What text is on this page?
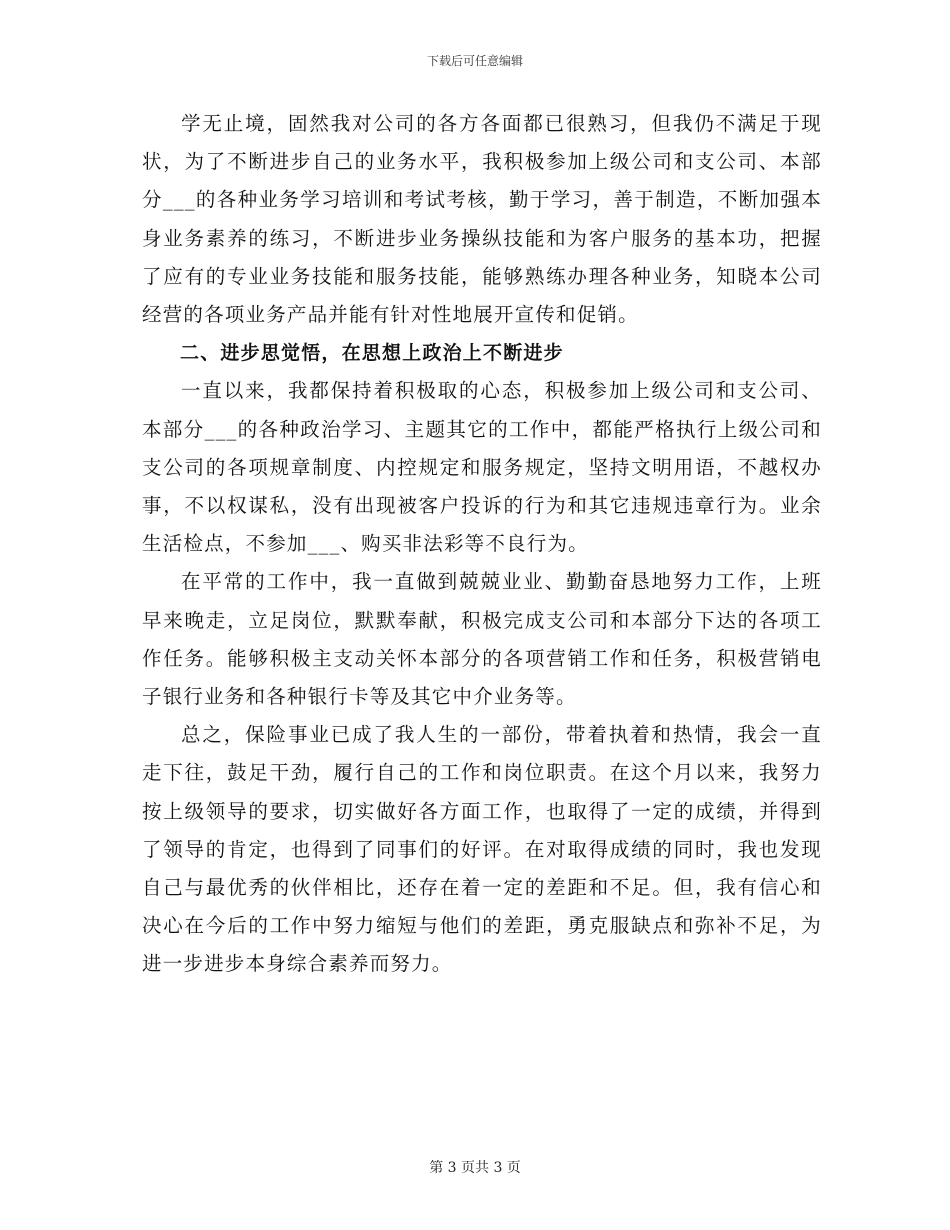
下载后可任意编辑

学无止境，固然我对公司的各方各面都已很熟习，但我仍不满足于现状，为了不断进步自己的业务水平，我积极参加上级公司和支公司、本部分___的各种业务学习培训和考试考核，勤于学习，善于制造，不断加强本身业务素养的练习，不断进步业务操纵技能和为客户服务的基本功，把握了应有的专业业务技能和服务技能，能够熟练办理各种业务，知晓本公司经营的各项业务产品并能有针对性地展开宣传和促销。

二、进步思觉悟，在思想上政治上不断进步

一直以来，我都保持着积极取的心态，积极参加上级公司和支公司、本部分___的各种政治学习、主题其它的工作中，都能严格执行上级公司和支公司的各项规章制度、内控规定和服务规定，坚持文明用语，不越权办事，不以权谋私，没有出现被客户投诉的行为和其它违规违章行为。业余生活检点，不参加___、购买非法彩等不良行为。

在平常的工作中，我一直做到兢兢业业、勤勤奋恳地努力工作，上班早来晚走，立足岗位，默默奉献，积极完成支公司和本部分下达的各项工作任务。能够积极主支动关怀本部分的各项营销工作和任务，积极营销电子银行业务和各种银行卡等及其它中介业务等。

总之，保险事业已成了我人生的一部份，带着执着和热情，我会一直走下往，鼓足干劲，履行自己的工作和岗位职责。在这个月以来，我努力按上级领导的要求，切实做好各方面工作，也取得了一定的成绩，并得到了领导的肯定，也得到了同事们的好评。在对取得成绩的同时，我也发现自己与最优秀的伙伴相比，还存在着一定的差距和不足。但，我有信心和决心在今后的工作中努力缩短与他们的差距，勇克服缺点和弥补不足，为进一步进步本身综合素养而努力。

第 3 页共 3 页
